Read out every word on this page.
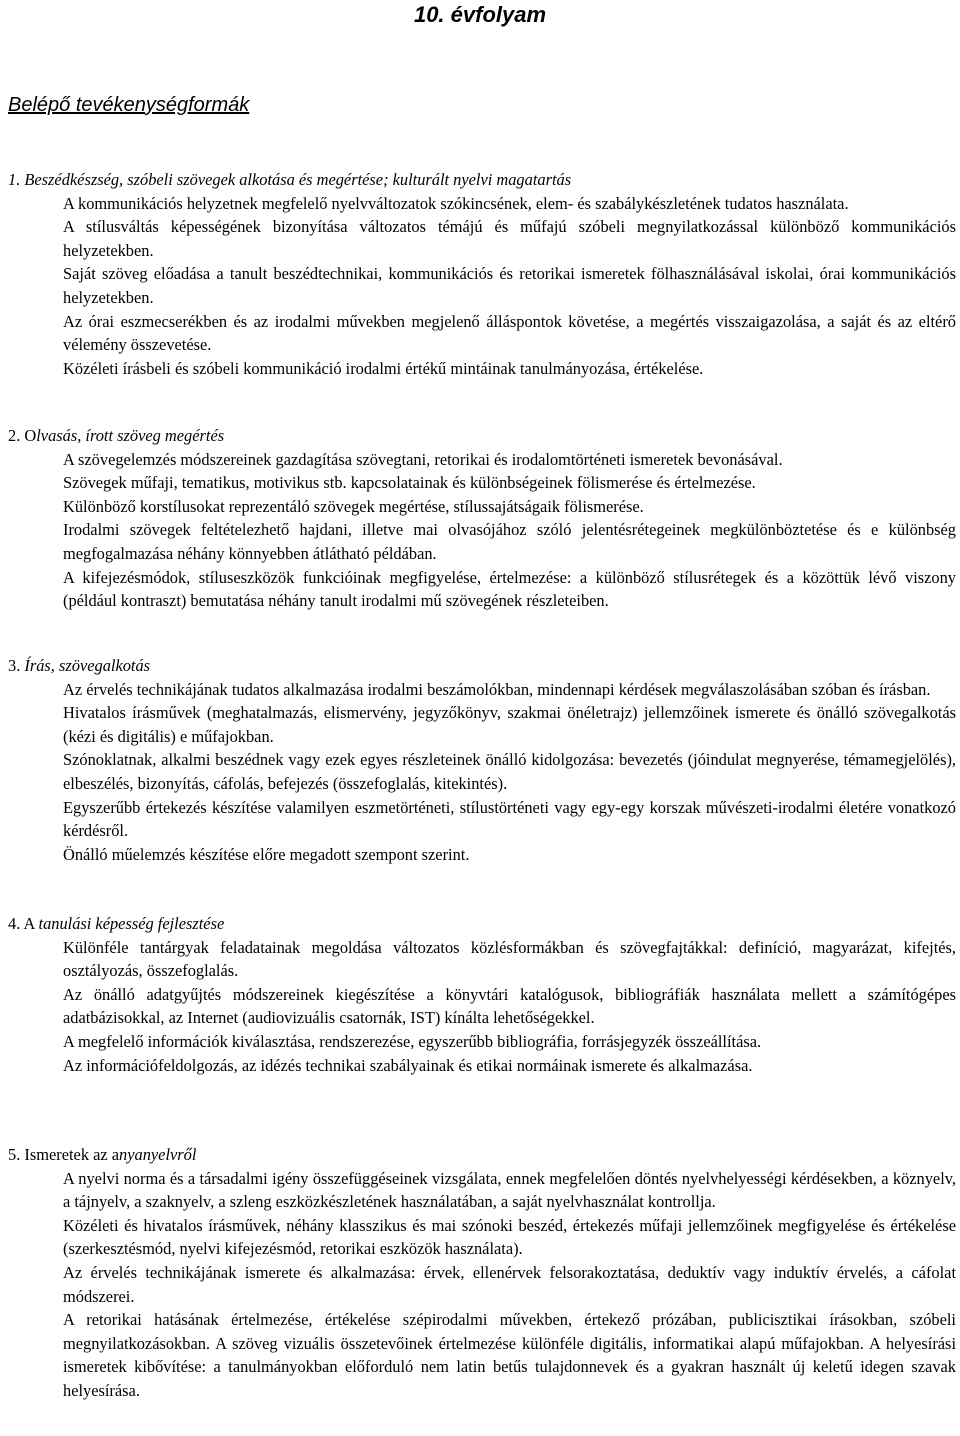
10. évfolyam
Belépő tevékenységformák

1. Beszédkészség, szóbeli szövegek alkotása és megértése; kulturált nyelvi magatartás

A kommunikációs helyzetnek megfelelő nyelvváltozatok szókincsének, elem- és szabálykészletének tudatos használata.

A stílusváltás képességének bizonyítása változatos témájú és műfajú szóbeli megnyilatkozással különböző kommunikációs helyzetekben.

Saját szöveg előadása a tanult beszédtechnikai, kommunikációs és retorikai ismeretek fölhasználásával iskolai, órai kommunikációs helyzetekben.

Az órai eszmecserékben és az irodalmi művekben megjelenő álláspontok követése, a megértés visszaigazolása, a saját és az eltérő vélemény összevetése.

Közéleti írásbeli és szóbeli kommunikáció irodalmi értékű mintáinak tanulmányozása, értékelése.

2. Olvasás, írott szöveg megértés

A szövegelemzés módszereinek gazdagítása szövegtani, retorikai és irodalomtörténeti ismeretek bevonásával.

Szövegek műfaji, tematikus, motivikus stb. kapcsolatainak és különbségeinek fölismerése és értelmezése.

Különböző korstílusokat reprezentáló szövegek megértése, stílussajátságaik fölismerése.

Irodalmi szövegek feltételezhető hajdani, illetve mai olvasójához szóló jelentésrétegeinek megkülönböztetése és e különbség megfogalmazása néhány könnyebben átlátható példában.

A kifejezésmódok, stíluseszközök funkcióinak megfigyelése, értelmezése: a különböző stílusrétegek és a közöttük lévő viszony (például kontraszt) bemutatása néhány tanult irodalmi mű szövegének részleteiben.

3. Írás, szövegalkotás

Az érvelés technikájának tudatos alkalmazása irodalmi beszámolókban, mindennapi kérdések megválaszolásában szóban és írásban.

Hivatalos írásművek (meghatalmazás, elismervény, jegyzőkönyv, szakmai önéletrajz) jellemzőinek ismerete és önálló szövegalkotás (kézi és digitális) e műfajokban.

Szónoklatnak, alkalmi beszédnek vagy ezek egyes részleteinek önálló kidolgozása: bevezetés (jóindulat megnyerése, témamegjelölés), elbeszélés, bizonyítás, cáfolás, befejezés (összefoglalás, kitekintés).

Egyszerűbb értekezés készítése valamilyen eszmetörténeti, stílustörténeti vagy egy-egy korszak művészeti-irodalmi életére vonatkozó kérdésről.

Önálló műelemzés készítése előre megadott szempont szerint.

4. A tanulási képesség fejlesztése

Különféle tantárgyak feladatainak megoldása változatos közlésformákban és szövegfajtákkal: definíció, magyarázat, kifejtés, osztályozás, összefoglalás.

Az önálló adatgyűjtés módszereinek kiegészítése a könyvtári katalógusok, bibliográfiák használata mellett a számítógépes adatbázisokkal, az Internet (audiovizuális csatornák, IST) kínálta lehetőségekkel.

A megfelelő információk kiválasztása, rendszerezése, egyszerűbb bibliográfia, forrásjegyzék összeállítása.

Az információfeldolgozás, az idézés technikai szabályainak és etikai normáinak ismerete és alkalmazása.

5. Ismeretek az anyanyelvről

A nyelvi norma és a társadalmi igény összefüggéseinek vizsgálata, ennek megfelelően döntés nyelvhelyességi kérdésekben, a köznyelv, a tájnyelv, a szaknyelv, a szleng eszközkészletének használatában, a saját nyelvhasználat kontrollja.

Közéleti és hivatalos írásművek, néhány klasszikus és mai szónoki beszéd, értekezés műfaji jellemzőinek megfigyelése és értékelése (szerkesztésmód, nyelvi kifejezésmód, retorikai eszközök használata).

Az érvelés technikájának ismerete és alkalmazása: érvek, ellenérvek felsorakoztatása, deduktív vagy induktív érvelés, a cáfolat módszerei.

A retorikai hatásának értelmezése, értékelése szépirodalmi művekben, értekező prózában, publicisztikai írásokban, szóbeli megnyilatkozásokban. A szöveg vizuális összetevőinek értelmezése különféle digitális, informatikai alapú műfajokban. A helyesírási ismeretek kibővítése: a tanulmányokban előforduló nem latin betűs tulajdonnevek és a gyakran használt új keletű idegen szavak helyesírása.
